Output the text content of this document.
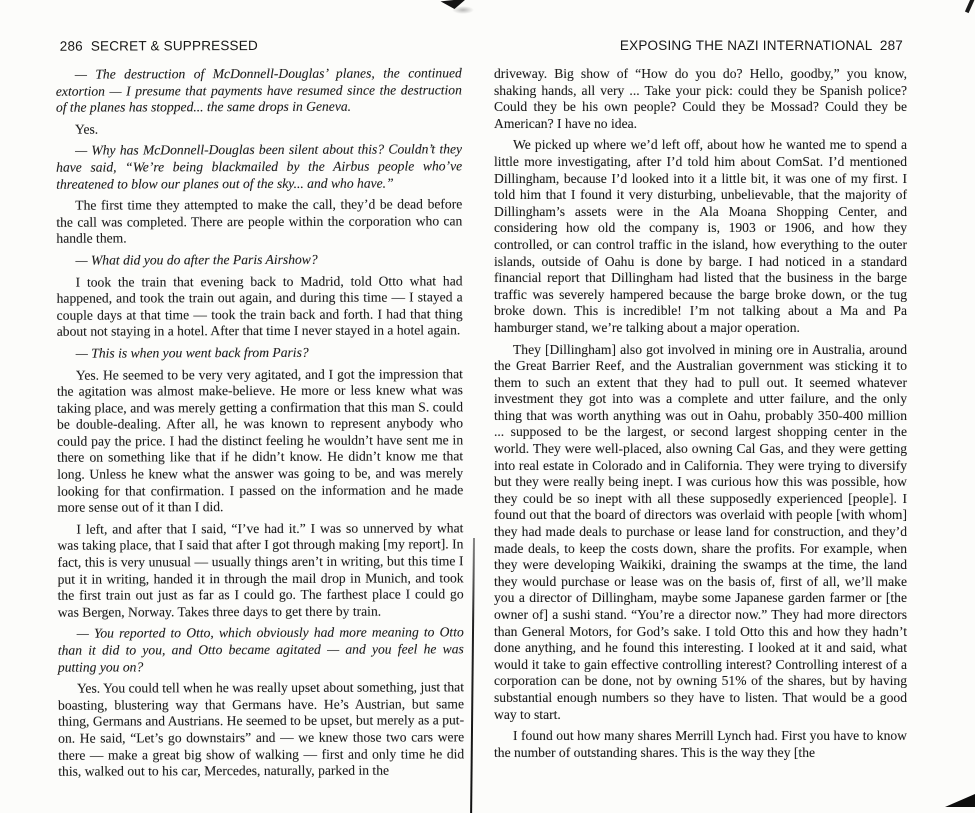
286 SECRET & SUPPRESSED

— The destruction of McDonnell-Douglas’ planes, the continued extortion — I presume that payments have resumed since the destruction of the planes has stopped... the same drops in Geneva.

Yes.

— Why has McDonnell-Douglas been silent about this? Couldn’t they have said, “We’re being blackmailed by the Airbus people who’ve threatened to blow our planes out of the sky... and who have.”

The first time they attempted to make the call, they’d be dead before the call was completed. There are people within the corporation who can handle them.

— What did you do after the Paris Airshow?

I took the train that evening back to Madrid, told Otto what had happened, and took the train out again, and during this time — I stayed a couple days at that time — took the train back and forth. I had that thing about not staying in a hotel. After that time I never stayed in a hotel again.

— This is when you went back from Paris?

Yes. He seemed to be very very agitated, and I got the impression that the agitation was almost make-believe. He more or less knew what was taking place, and was merely getting a confirmation that this man S. could be double-dealing. After all, he was known to represent anybody who could pay the price. I had the distinct feeling he wouldn’t have sent me in there on something like that if he didn’t know. He didn’t know me that long. Unless he knew what the answer was going to be, and was merely looking for that confirmation. I passed on the information and he made more sense out of it than I did.

I left, and after that I said, “I’ve had it.” I was so unnerved by what was taking place, that I said that after I got through making [my report]. In fact, this is very unusual — usually things aren’t in writing, but this time I put it in writing, handed it in through the mail drop in Munich, and took the first train out just as far as I could go. The farthest place I could go was Bergen, Norway. Takes three days to get there by train.

— You reported to Otto, which obviously had more meaning to Otto than it did to you, and Otto became agitated — and you feel he was putting you on?

Yes. You could tell when he was really upset about something, just that boasting, blustering way that Germans have. He’s Austrian, but same thing, Germans and Austrians. He seemed to be upset, but merely as a put-on. He said, “Let’s go downstairs” and — we knew those two cars were there — make a great big show of walking — first and only time he did this, walked out to his car, Mercedes, naturally, parked in the

EXPOSING THE NAZI INTERNATIONAL 287

driveway. Big show of “How do you do? Hello, goodby,” you know, shaking hands, all very ... Take your pick: could they be Spanish police? Could they be his own people? Could they be Mossad? Could they be American? I have no idea.

We picked up where we’d left off, about how he wanted me to spend a little more investigating, after I’d told him about ComSat. I’d mentioned Dillingham, because I’d looked into it a little bit, it was one of my first. I told him that I found it very disturbing, unbelievable, that the majority of Dillingham’s assets were in the Ala Moana Shopping Center, and considering how old the company is, 1903 or 1906, and how they controlled, or can control traffic in the island, how everything to the outer islands, outside of Oahu is done by barge. I had noticed in a standard financial report that Dillingham had listed that the business in the barge traffic was severely hampered because the barge broke down, or the tug broke down. This is incredible! I’m not talking about a Ma and Pa hamburger stand, we’re talking about a major operation.

They [Dillingham] also got involved in mining ore in Australia, around the Great Barrier Reef, and the Australian government was sticking it to them to such an extent that they had to pull out. It seemed whatever investment they got into was a complete and utter failure, and the only thing that was worth anything was out in Oahu, probably 350-400 million ... supposed to be the largest, or second largest shopping center in the world. They were well-placed, also owning Cal Gas, and they were getting into real estate in Colorado and in California. They were trying to diversify but they were really being inept. I was curious how this was possible, how they could be so inept with all these supposedly experienced [people]. I found out that the board of directors was overlaid with people [with whom] they had made deals to purchase or lease land for construction, and they’d made deals, to keep the costs down, share the profits. For example, when they were developing Waikiki, draining the swamps at the time, the land they would purchase or lease was on the basis of, first of all, we’ll make you a director of Dillingham, maybe some Japanese garden farmer or [the owner of] a sushi stand. “You’re a director now.” They had more directors than General Motors, for God’s sake. I told Otto this and how they hadn’t done anything, and he found this interesting. I looked at it and said, what would it take to gain effective controlling interest? Controlling interest of a corporation can be done, not by owning 51% of the shares, but by having substantial enough numbers so they have to listen. That would be a good way to start.

I found out how many shares Merrill Lynch had. First you have to know the number of outstanding shares. This is the way they [the
